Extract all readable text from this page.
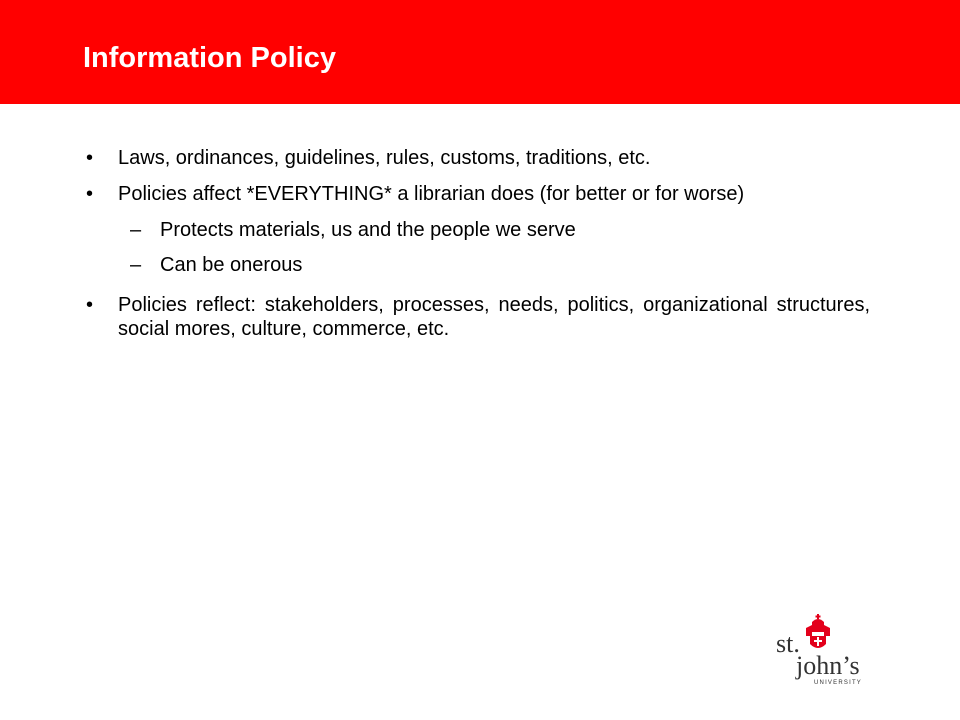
Information Policy
• Laws, ordinances, guidelines, rules, customs, traditions, etc.
• Policies affect *EVERYTHING* a librarian does (for better or for worse)
– Protects materials, us and the people we serve
– Can be onerous
• Policies reflect: stakeholders, processes, needs, politics, organizational structures, social mores, culture, commerce, etc.
st.
john’s
UNIVERSITY
